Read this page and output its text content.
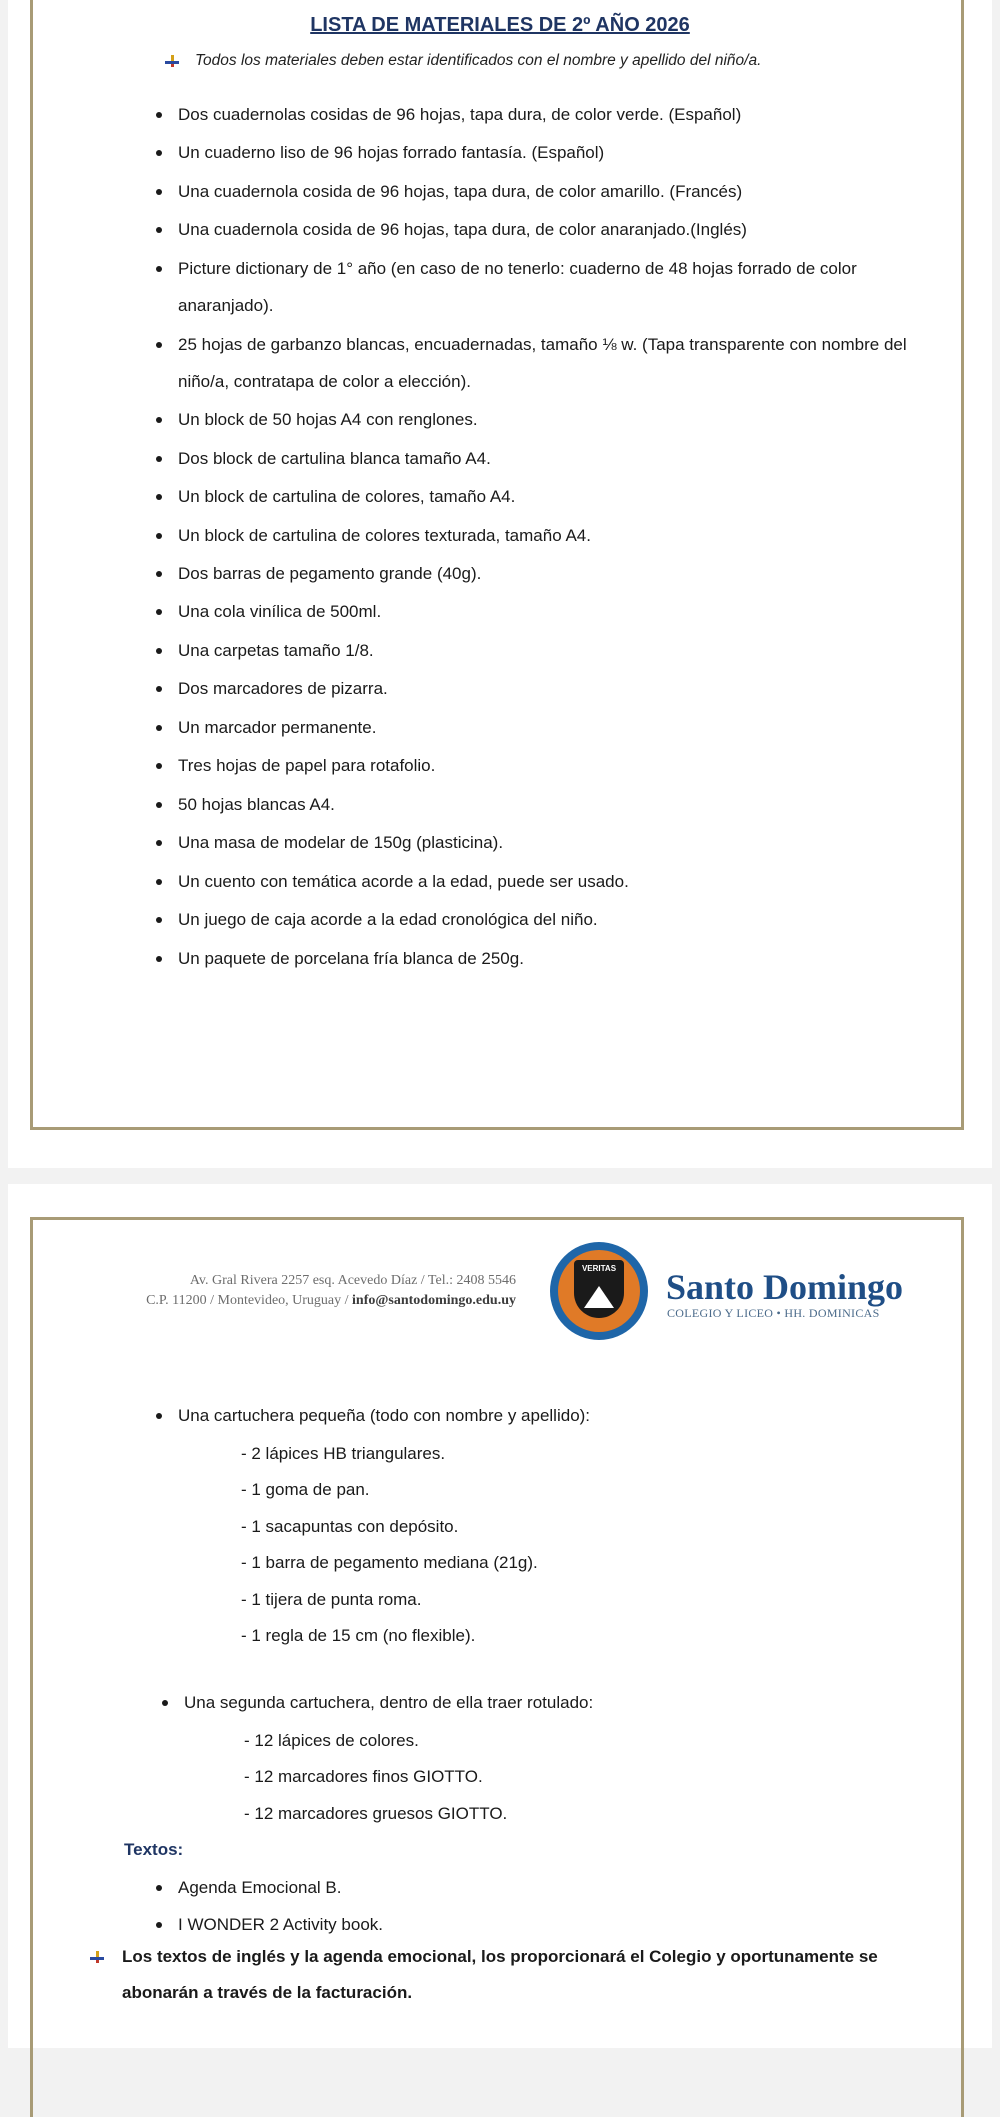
LISTA DE MATERIALES DE 2º AÑO 2026
Todos los materiales deben estar identificados con el nombre y apellido del niño/a.
Dos cuadernolas cosidas de 96 hojas, tapa dura, de color verde. (Español)
Un cuaderno liso de 96 hojas forrado fantasía. (Español)
Una cuadernola cosida de 96 hojas, tapa dura, de color amarillo. (Francés)
Una cuadernola cosida de 96 hojas, tapa dura, de color anaranjado.(Inglés)
Picture dictionary de 1° año (en caso de no tenerlo: cuaderno de 48 hojas forrado de color anaranjado).
25 hojas de garbanzo blancas, encuadernadas, tamaño ⅛ w. (Tapa transparente con nombre del niño/a, contratapa de color a elección).
Un block de 50 hojas A4 con renglones.
Dos block de cartulina blanca tamaño A4.
Un block de cartulina de colores, tamaño A4.
Un block de cartulina de colores texturada, tamaño A4.
Dos barras de pegamento grande (40g).
Una cola vinílica de 500ml.
Una carpetas tamaño 1/8.
Dos marcadores de pizarra.
Un marcador permanente.
Tres hojas de papel para rotafolio.
50 hojas blancas A4.
Una masa de modelar de 150g (plasticina).
Un cuento con temática acorde a la edad, puede ser usado.
Un juego de caja acorde a la edad cronológica del niño.
Un paquete de porcelana fría blanca de 250g.
Av. Gral Rivera 2257 esq. Acevedo Díaz / Tel.: 2408 5546
C.P. 11200 / Montevideo, Uruguay / info@santodomingo.edu.uy
VERITAS Santo Domingo
COLEGIO Y LICEO • HH. DOMINICAS
Una cartuchera pequeña (todo con nombre y apellido):
- 2 lápices HB triangulares.
- 1 goma de pan.
- 1 sacapuntas con depósito.
- 1 barra de pegamento mediana (21g).
- 1 tijera de punta roma.
- 1 regla de 15 cm (no flexible).
Una segunda cartuchera, dentro de ella traer rotulado:
- 12 lápices de colores.
- 12 marcadores finos GIOTTO.
- 12 marcadores gruesos GIOTTO.
Textos:
Agenda Emocional B.
I WONDER 2 Activity book.
Los textos de inglés y la agenda emocional, los proporcionará el Colegio y oportunamente se
abonarán a través de la facturación.
